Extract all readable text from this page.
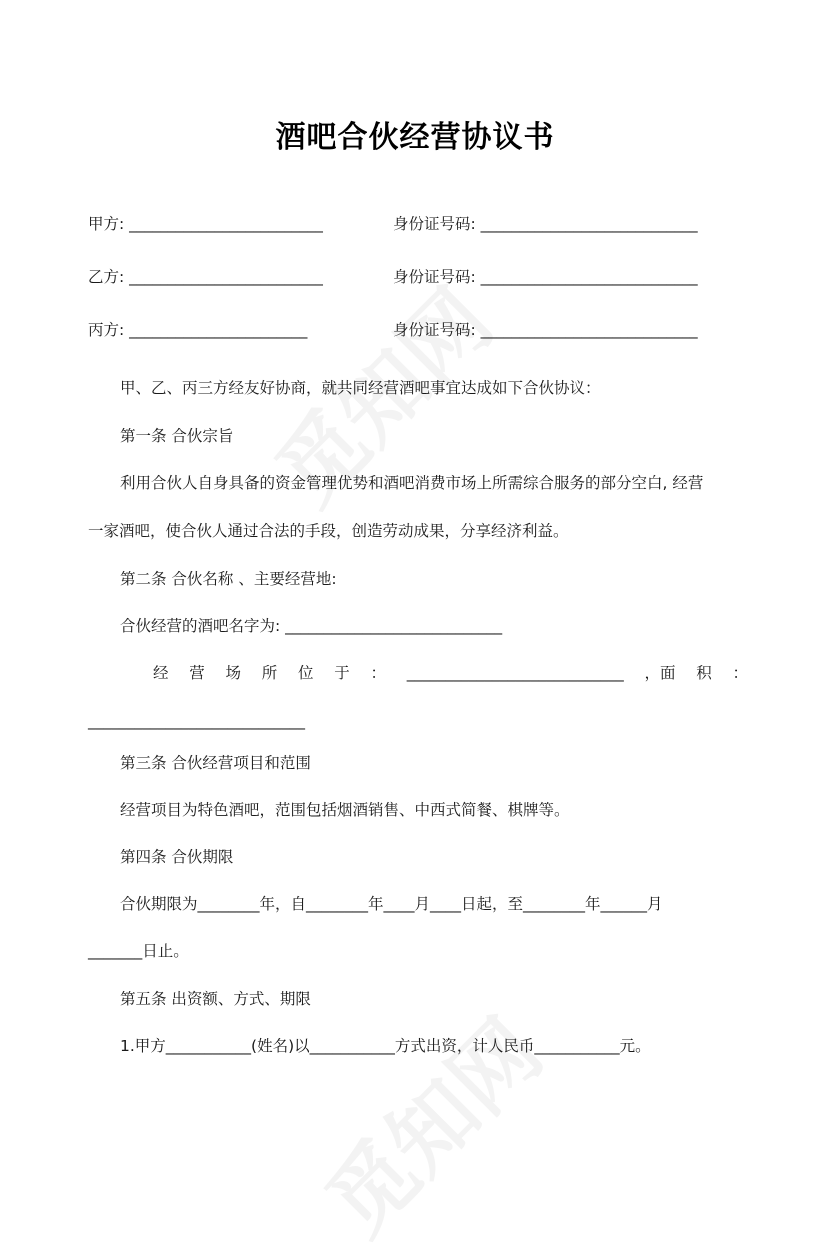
酒吧合伙经营协议书
甲方: _________________________	身份证号码: ____________________________
乙方: _________________________	身份证号码: ____________________________
丙方: _______________________	身份证号码: ____________________________
甲、乙、丙三方经友好协商，就共同经营酒吧事宜达成如下合伙协议：
第一条 合伙宗旨
利用合伙人自身具备的资金管理优势和酒吧消费市场上所需综合服务的部分空白, 经营
一家酒吧，使合伙人通过合法的手段，创造劳动成果，分享经济利益。
第二条 合伙名称 、主要经营地:
合伙经营的酒吧名字为: ____________________________
经 营 场 所 位 于 ： ____________________________ ，面 积 ：
____________________________
第三条 合伙经营项目和范围
经营项目为特色酒吧，范围包括烟酒销售、中西式简餐、棋牌等。
第四条 合伙期限
合伙期限为________年，自________年____月____日起，至________年______月
_______日止。
第五条 出资额、方式、期限
1.甲方___________(姓名)以___________方式出资，计人民币___________元。
